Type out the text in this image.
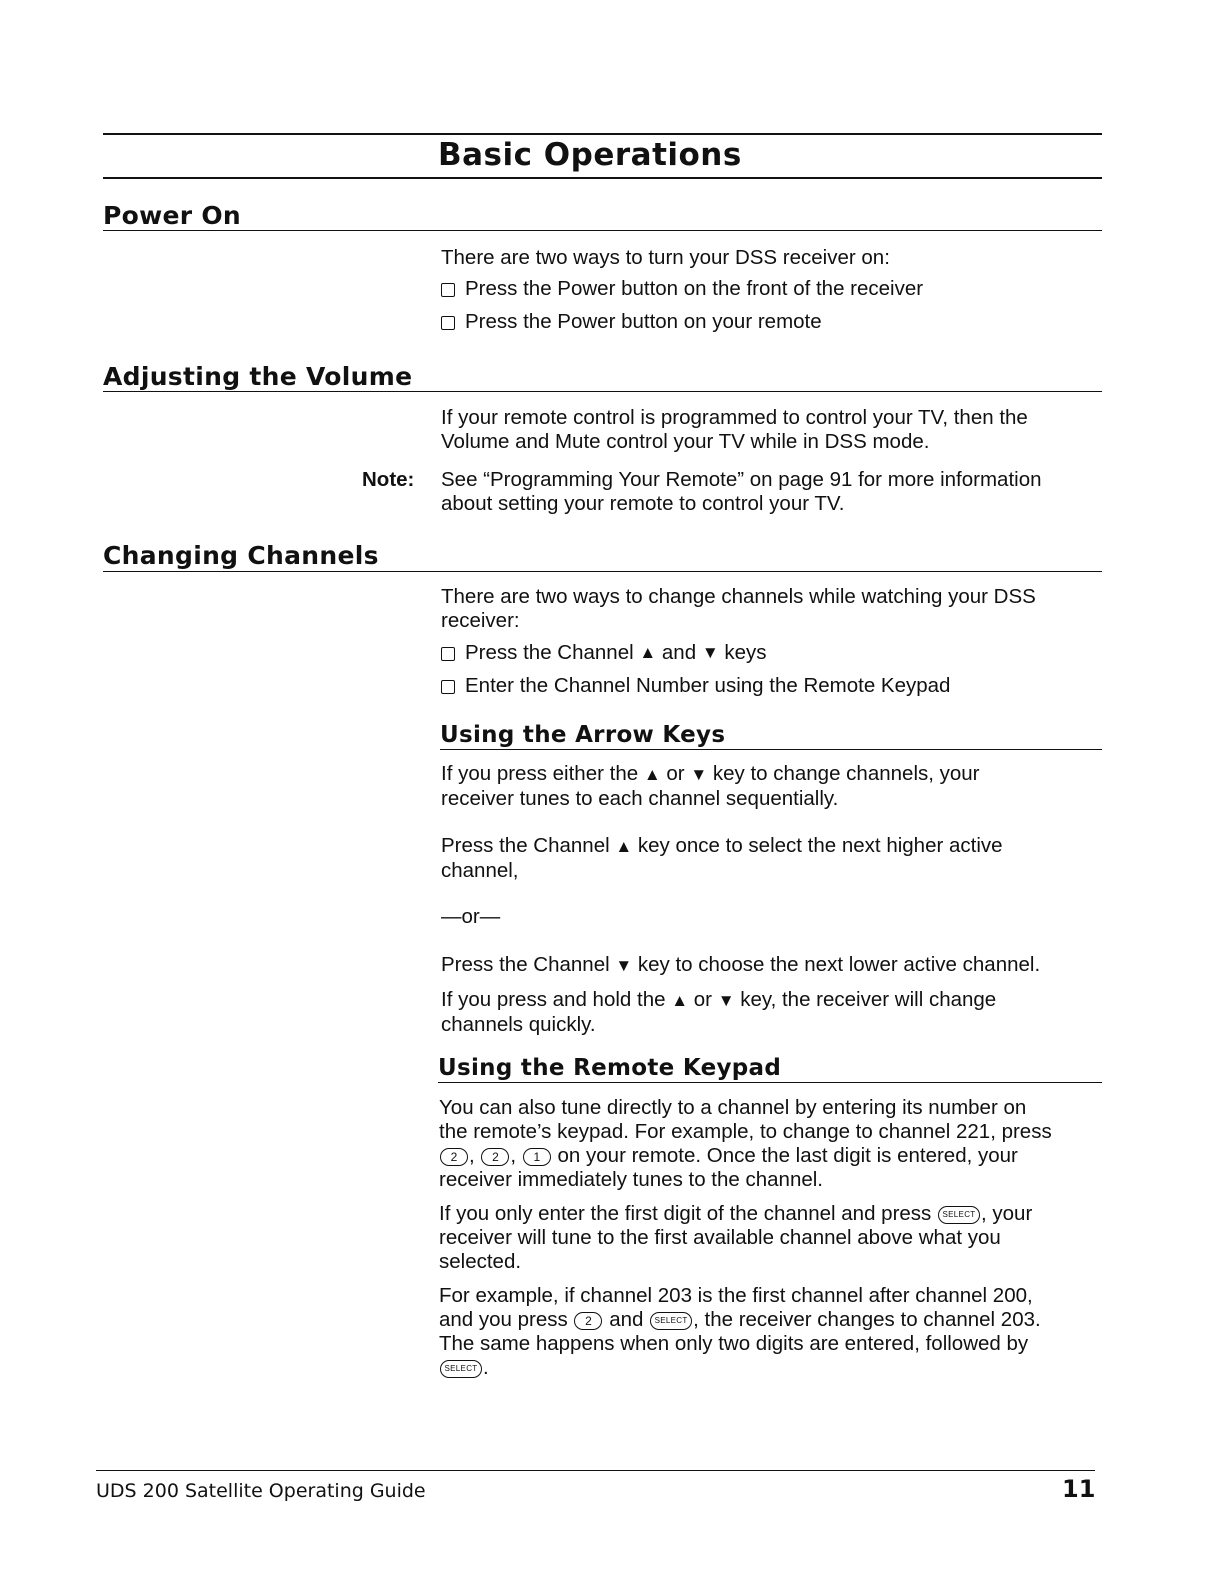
Basic Operations
Power On
There are two ways to turn your DSS receiver on:
Press the Power button on the front of the receiver
Press the Power button on your remote
Adjusting the Volume
If your remote control is programmed to control your TV, then the
Volume and Mute control your TV while in DSS mode.
Note: See “Programming Your Remote” on page 91 for more information
about setting your remote to control your TV.
Changing Channels
There are two ways to change channels while watching your DSS
receiver:
Press the Channel
▲
and
▼
keys
Enter the Channel Number using the Remote Keypad
Using the Arrow Keys
If you press either the ▲ or ▼ key to change channels, your
receiver tunes to each channel sequentially.
Press the Channel ▲ key once to select the next higher active
channel,
—or—
Press the Channel ▼ key to choose the next lower active channel.
If you press and hold the ▲ or ▼ key, the receiver will change
channels quickly.
Using the Remote Keypad
You can also tune directly to a channel by entering its number on
the remote’s keypad. For example, to change to channel 221, press
2 , 2 , 1 on your remote. Once the last digit is entered, your
receiver immediately tunes to the channel.
If you only enter the first digit of the channel and press SELECT , your
receiver will tune to the first available channel above what you
selected.
For example, if channel 203 is the first channel after channel 200,
and you press 2 and SELECT , the receiver changes to channel 203.
The same happens when only two digits are entered, followed by
SELECT .
UDS 200 Satellite Operating Guide	11
